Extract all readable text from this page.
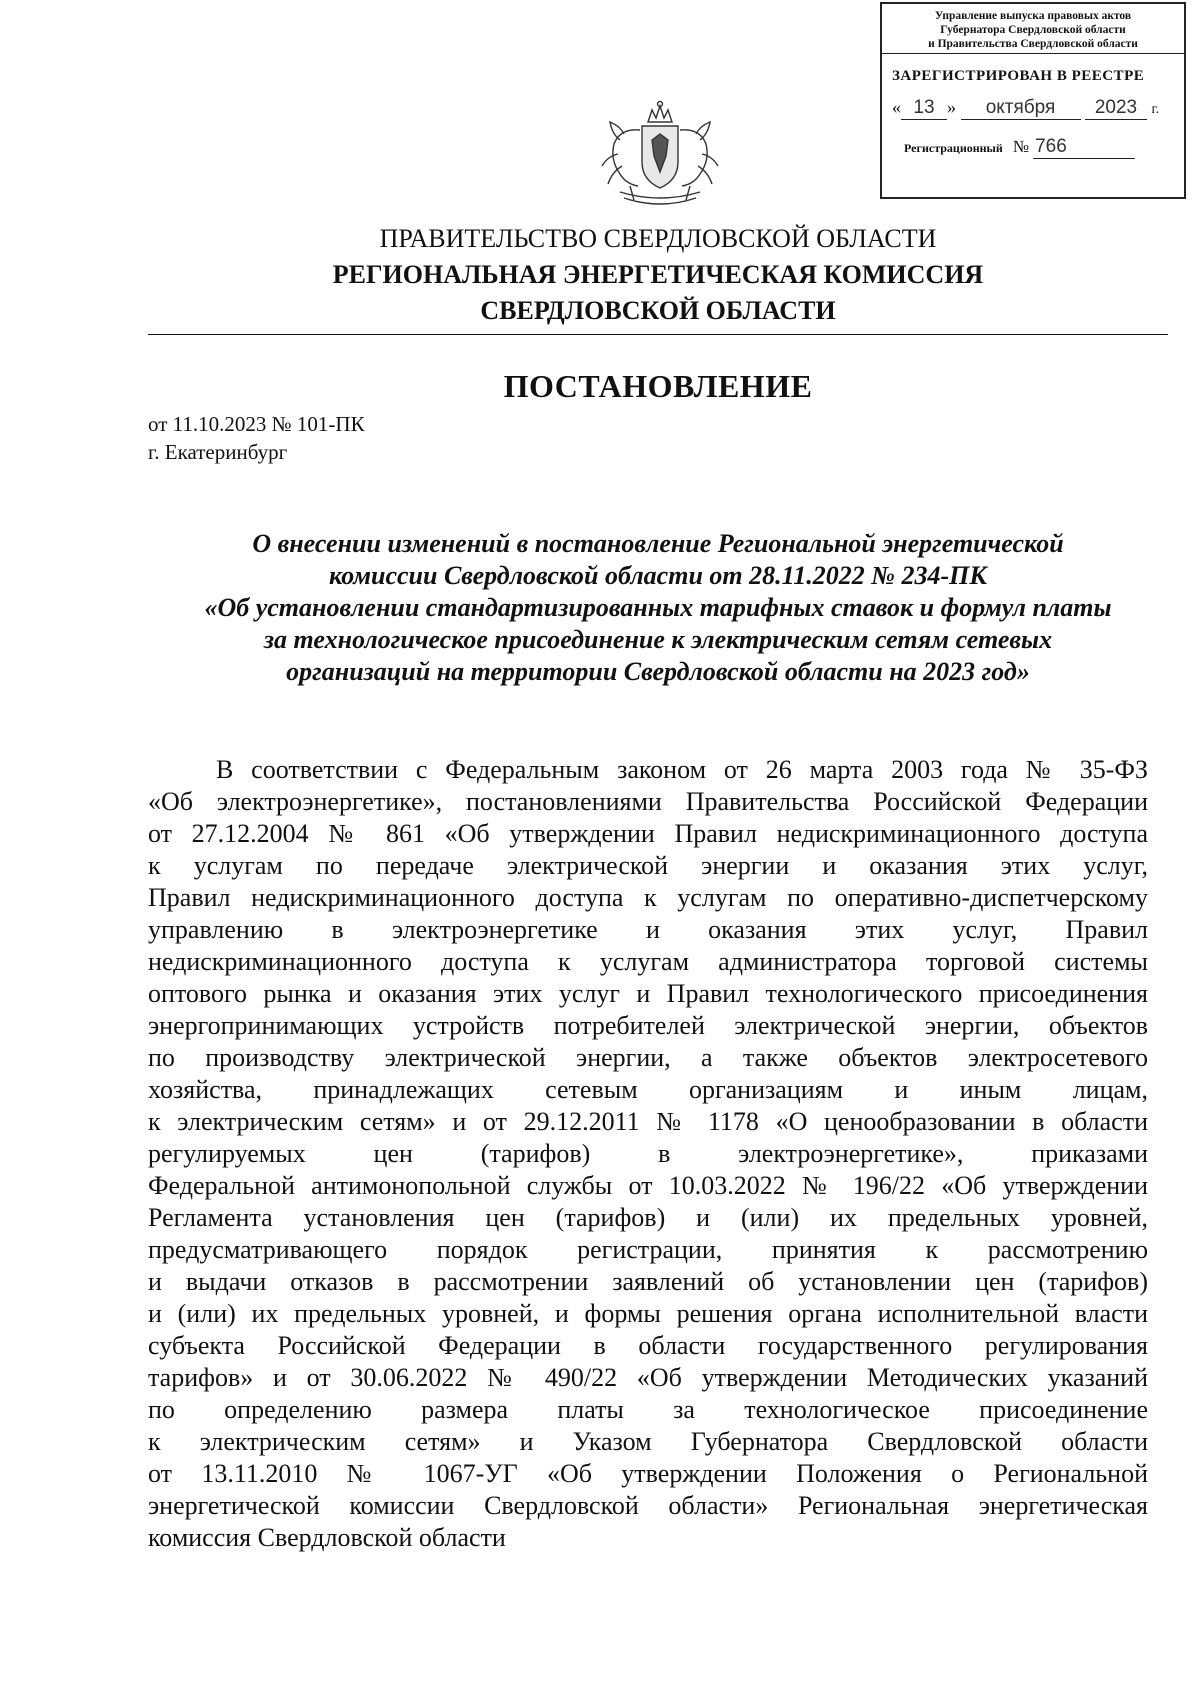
Управление выпуска правовых актов
Губернатора Свердловской области
и Правительства Свердловской области
ЗАРЕГИСТРИРОВАН В РЕЕСТРЕ
« 13 » октября 2023 г.
Регистрационный № 766
ПРАВИТЕЛЬСТВО СВЕРДЛОВСКОЙ ОБЛАСТИ
РЕГИОНАЛЬНАЯ ЭНЕРГЕТИЧЕСКАЯ КОМИССИЯ
СВЕРДЛОВСКОЙ ОБЛАСТИ
ПОСТАНОВЛЕНИЕ
от 11.10.2023 № 101-ПК
г. Екатеринбург
О внесении изменений в постановление Региональной энергетической
комиссии Свердловской области от 28.11.2022 № 234-ПК
«Об установлении стандартизированных тарифных ставок и формул платы
за технологическое присоединение к электрическим сетям сетевых
организаций на территории Свердловской области на 2023 год»
В соответствии с Федеральным законом от 26 марта 2003 года № 35-ФЗ
«Об электроэнергетике», постановлениями Правительства Российской Федерации
от 27.12.2004 № 861 «Об утверждении Правил недискриминационного доступа
к услугам по передаче электрической энергии и оказания этих услуг,
Правил недискриминационного доступа к услугам по оперативно-диспетчерскому
управлению в электроэнергетике и оказания этих услуг, Правил
недискриминационного доступа к услугам администратора торговой системы
оптового рынка и оказания этих услуг и Правил технологического присоединения
энергопринимающих устройств потребителей электрической энергии, объектов
по производству электрической энергии, а также объектов электросетевого
хозяйства, принадлежащих сетевым организациям и иным лицам,
к электрическим сетям» и от 29.12.2011 № 1178 «О ценообразовании в области
регулируемых цен (тарифов) в электроэнергетике», приказами
Федеральной антимонопольной службы от 10.03.2022 № 196/22 «Об утверждении
Регламента установления цен (тарифов) и (или) их предельных уровней,
предусматривающего порядок регистрации, принятия к рассмотрению
и выдачи отказов в рассмотрении заявлений об установлении цен (тарифов)
и (или) их предельных уровней, и формы решения органа исполнительной власти
субъекта Российской Федерации в области государственного регулирования
тарифов» и от 30.06.2022 № 490/22 «Об утверждении Методических указаний
по определению размера платы за технологическое присоединение
к электрическим сетям» и Указом Губернатора Свердловской области
от 13.11.2010 № 1067-УГ «Об утверждении Положения о Региональной
энергетической комиссии Свердловской области» Региональная энергетическая
комиссия Свердловской области
